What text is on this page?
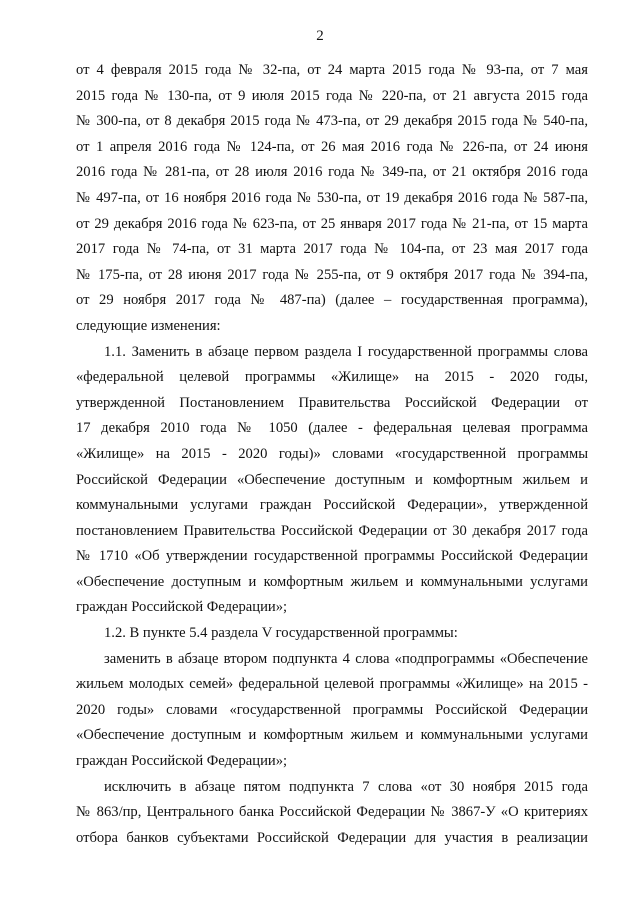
2
от 4 февраля 2015 года № 32-па, от 24 марта 2015 года № 93-па, от 7 мая
2015 года № 130-па, от 9 июля 2015 года № 220-па, от 21 августа 2015 года
№ 300-па, от 8 декабря 2015 года № 473-па, от 29 декабря 2015 года № 540-па,
от 1 апреля 2016 года № 124-па, от 26 мая 2016 года № 226-па, от 24 июня
2016 года № 281-па, от 28 июля 2016 года № 349-па, от 21 октября 2016 года
№ 497-па, от 16 ноября 2016 года № 530-па, от 19 декабря 2016 года № 587-па,
от 29 декабря 2016 года № 623-па, от 25 января 2017 года № 21-па, от 15 марта
2017 года № 74-па, от 31 марта 2017 года № 104-па, от 23 мая 2017 года
№ 175-па, от 28 июня 2017 года № 255-па, от 9 октября 2017 года № 394-па,
от 29 ноября 2017 года № 487-па) (далее – государственная программа),
следующие изменения:
1.1. Заменить в абзаце первом раздела I государственной программы слова
«федеральной целевой программы «Жилище» на 2015 - 2020 годы,
утвержденной Постановлением Правительства Российской Федерации от
17 декабря 2010 года № 1050 (далее - федеральная целевая программа
«Жилище» на 2015 - 2020 годы)» словами «государственной программы
Российской Федерации «Обеспечение доступным и комфортным жильем и
коммунальными услугами граждан Российской Федерации», утвержденной
постановлением Правительства Российской Федерации от 30 декабря 2017 года
№ 1710 «Об утверждении государственной программы Российской Федерации
«Обеспечение доступным и комфортным жильем и коммунальными услугами
граждан Российской Федерации»;
1.2. В пункте 5.4 раздела V государственной программы:
заменить в абзаце втором подпункта 4 слова «подпрограммы «Обеспечение
жильем молодых семей» федеральной целевой программы «Жилище» на 2015 -
2020 годы» словами «государственной программы Российской Федерации
«Обеспечение доступным и комфортным жильем и коммунальными услугами
граждан Российской Федерации»;
исключить в абзаце пятом подпункта 7 слова «от 30 ноября 2015 года
№ 863/пр, Центрального банка Российской Федерации № 3867-У «О критериях
отбора банков субъектами Российской Федерации для участия в реализации
